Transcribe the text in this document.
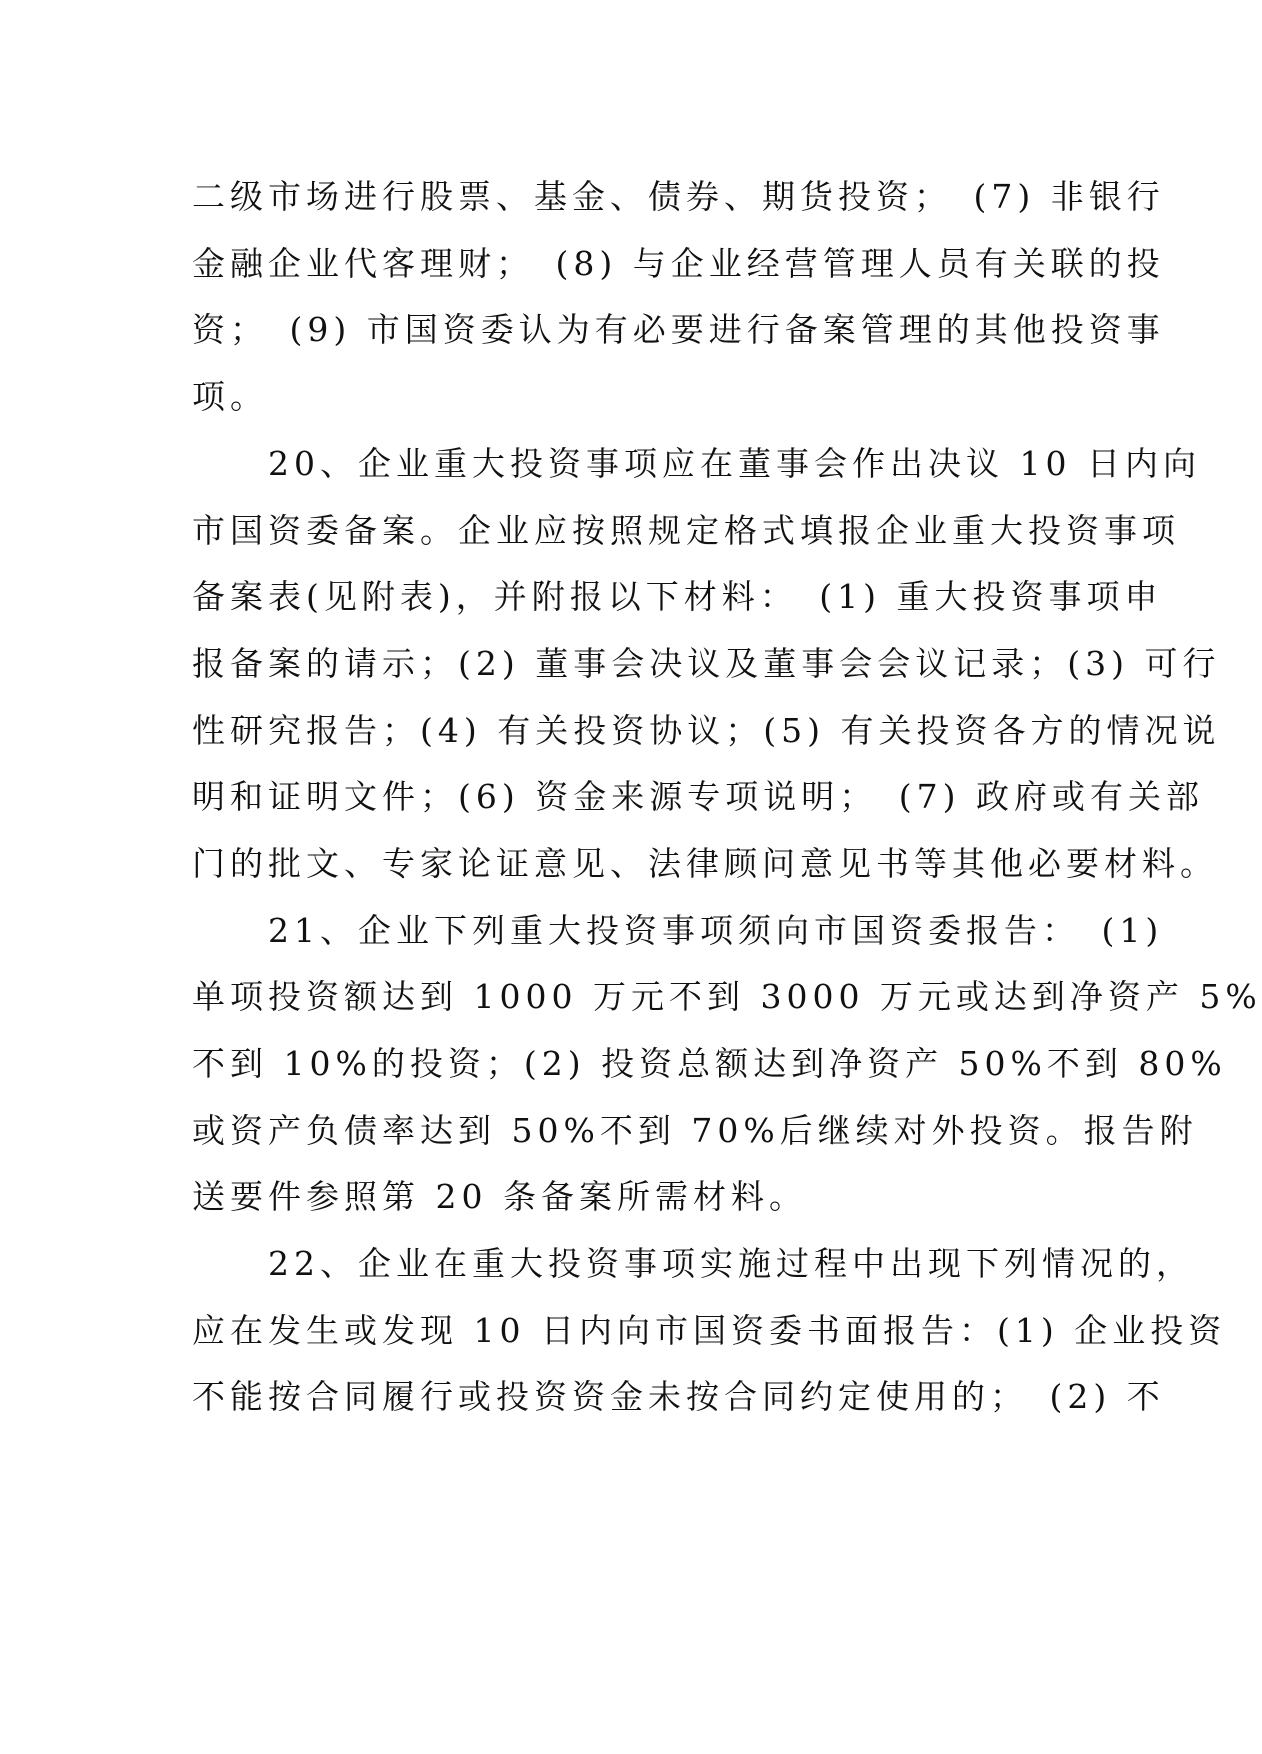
二级市场进行股票、基金、债券、期货投资；　(7) 非银行
金融企业代客理财；　(8) 与企业经营管理人员有关联的投
资；　(9) 市国资委认为有必要进行备案管理的其他投资事
项。
　　20、企业重大投资事项应在董事会作出决议 10 日内向
市国资委备案。企业应按照规定格式填报企业重大投资事项
备案表(见附表)，并附报以下材料：　(1) 重大投资事项申
报备案的请示；(2) 董事会决议及董事会会议记录；(3) 可行
性研究报告；(4) 有关投资协议；(5) 有关投资各方的情况说
明和证明文件；(6) 资金来源专项说明；　(7) 政府或有关部
门的批文、专家论证意见、法律顾问意见书等其他必要材料。
　　21、企业下列重大投资事项须向市国资委报告：　(1)
单项投资额达到 1000 万元不到 3000 万元或达到净资产 5%
不到 10%的投资；(2) 投资总额达到净资产 50%不到 80%
或资产负债率达到 50%不到 70%后继续对外投资。报告附
送要件参照第 20 条备案所需材料。
　　22、企业在重大投资事项实施过程中出现下列情况的，
应在发生或发现 10 日内向市国资委书面报告：(1) 企业投资
不能按合同履行或投资资金未按合同约定使用的；　(2) 不
